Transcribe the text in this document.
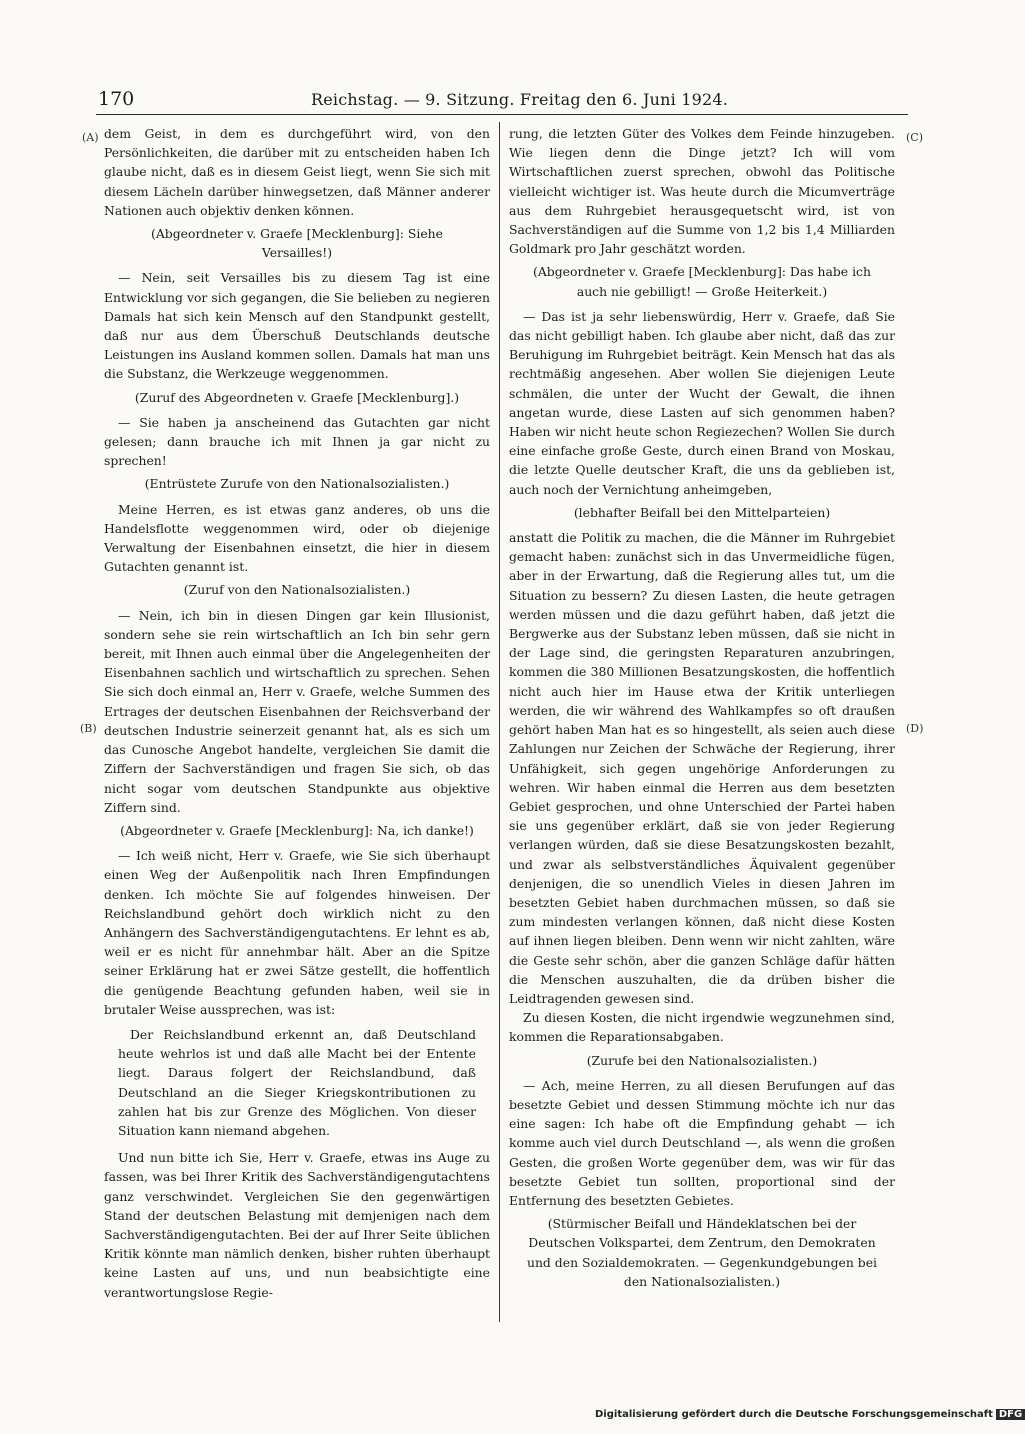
170	Reichstag. — 9. Sitzung. Freitag den 6. Juni 1924.
(A)
(B)
(C)
(D)

dem Geist, in dem es durchgeführt wird, von den Persönlichkeiten, die darüber mit zu entscheiden haben Ich glaube nicht, daß es in diesem Geist liegt, wenn Sie sich mit diesem Lächeln darüber hinwegsetzen, daß Männer anderer Nationen auch objektiv denken können.

(Abgeordneter v. Graefe [Mecklenburg]: Siehe Versailles!)

— Nein, seit Versailles bis zu diesem Tag ist eine Entwicklung vor sich gegangen, die Sie belieben zu negieren Damals hat sich kein Mensch auf den Standpunkt gestellt, daß nur aus dem Überschuß Deutschlands deutsche Leistungen ins Ausland kommen sollen. Damals hat man uns die Substanz, die Werkzeuge weggenommen.

(Zuruf des Abgeordneten v. Graefe [Mecklenburg].)

— Sie haben ja anscheinend das Gutachten gar nicht gelesen; dann brauche ich mit Ihnen ja gar nicht zu sprechen!

(Entrüstete Zurufe von den Nationalsozialisten.)

Meine Herren, es ist etwas ganz anderes, ob uns die Handelsflotte weggenommen wird, oder ob diejenige Verwaltung der Eisenbahnen einsetzt, die hier in diesem Gutachten genannt ist.

(Zuruf von den Nationalsozialisten.)

— Nein, ich bin in diesen Dingen gar kein Illusionist, sondern sehe sie rein wirtschaftlich an Ich bin sehr gern bereit, mit Ihnen auch einmal über die Angelegenheiten der Eisenbahnen sachlich und wirtschaftlich zu sprechen. Sehen Sie sich doch einmal an, Herr v. Graefe, welche Summen des Ertrages der deutschen Eisenbahnen der Reichsverband der deutschen Industrie seinerzeit genannt hat, als es sich um das Cunosche Angebot handelte, vergleichen Sie damit die Ziffern der Sachverständigen und fragen Sie sich, ob das nicht sogar vom deutschen Standpunkte aus objektive Ziffern sind.

(Abgeordneter v. Graefe [Mecklenburg]: Na, ich danke!)

— Ich weiß nicht, Herr v. Graefe, wie Sie sich überhaupt einen Weg der Außenpolitik nach Ihren Empfindungen denken. Ich möchte Sie auf folgendes hinweisen. Der Reichslandbund gehört doch wirklich nicht zu den Anhängern des Sachverständigengutachtens. Er lehnt es ab, weil er es nicht für annehmbar hält. Aber an die Spitze seiner Erklärung hat er zwei Sätze gestellt, die hoffentlich die genügende Beachtung gefunden haben, weil sie in brutaler Weise aussprechen, was ist:

Der Reichslandbund erkennt an, daß Deutschland heute wehrlos ist und daß alle Macht bei der Entente liegt. Daraus folgert der Reichslandbund, daß Deutschland an die Sieger Kriegskontributionen zu zahlen hat bis zur Grenze des Möglichen. Von dieser Situation kann niemand abgehen.

Und nun bitte ich Sie, Herr v. Graefe, etwas ins Auge zu fassen, was bei Ihrer Kritik des Sachverständigengutachtens ganz verschwindet. Vergleichen Sie den gegenwärtigen Stand der deutschen Belastung mit demjenigen nach dem Sachverständigengutachten. Bei der auf Ihrer Seite üblichen Kritik könnte man nämlich denken, bisher ruhten überhaupt keine Lasten auf uns, und nun beabsichtigte eine verantwortungslose Regie-

rung, die letzten Güter des Volkes dem Feinde hinzugeben. Wie liegen denn die Dinge jetzt? Ich will vom Wirtschaftlichen zuerst sprechen, obwohl das Politische vielleicht wichtiger ist. Was heute durch die Micumverträge aus dem Ruhrgebiet herausgequetscht wird, ist von Sachverständigen auf die Summe von 1,2 bis 1,4 Milliarden Goldmark pro Jahr geschätzt worden.

(Abgeordneter v. Graefe [Mecklenburg]: Das habe ich auch nie gebilligt! — Große Heiterkeit.)

— Das ist ja sehr liebenswürdig, Herr v. Graefe, daß Sie das nicht gebilligt haben. Ich glaube aber nicht, daß das zur Beruhigung im Ruhrgebiet beiträgt. Kein Mensch hat das als rechtmäßig angesehen. Aber wollen Sie diejenigen Leute schmälen, die unter der Wucht der Gewalt, die ihnen angetan wurde, diese Lasten auf sich genommen haben? Haben wir nicht heute schon Regiezechen? Wollen Sie durch eine einfache große Geste, durch einen Brand von Moskau, die letzte Quelle deutscher Kraft, die uns da geblieben ist, auch noch der Vernichtung anheimgeben,

(lebhafter Beifall bei den Mittelparteien)

anstatt die Politik zu machen, die die Männer im Ruhrgebiet gemacht haben: zunächst sich in das Unvermeidliche fügen, aber in der Erwartung, daß die Regierung alles tut, um die Situation zu bessern? Zu diesen Lasten, die heute getragen werden müssen und die dazu geführt haben, daß jetzt die Bergwerke aus der Substanz leben müssen, daß sie nicht in der Lage sind, die geringsten Reparaturen anzubringen, kommen die 380 Millionen Besatzungskosten, die hoffentlich nicht auch hier im Hause etwa der Kritik unterliegen werden, die wir während des Wahlkampfes so oft draußen gehört haben Man hat es so hingestellt, als seien auch diese Zahlungen nur Zeichen der Schwäche der Regierung, ihrer Unfähigkeit, sich gegen ungehörige Anforderungen zu wehren. Wir haben einmal die Herren aus dem besetzten Gebiet gesprochen, und ohne Unterschied der Partei haben sie uns gegenüber erklärt, daß sie von jeder Regierung verlangen würden, daß sie diese Besatzungskosten bezahlt, und zwar als selbstverständliches Äquivalent gegenüber denjenigen, die so unendlich Vieles in diesen Jahren im besetzten Gebiet haben durchmachen müssen, so daß sie zum mindesten verlangen können, daß nicht diese Kosten auf ihnen liegen bleiben. Denn wenn wir nicht zahlten, wäre die Geste sehr schön, aber die ganzen Schläge dafür hätten die Menschen auszuhalten, die da drüben bisher die Leidtragenden gewesen sind.

Zu diesen Kosten, die nicht irgendwie wegzunehmen sind, kommen die Reparationsabgaben.

(Zurufe bei den Nationalsozialisten.)

— Ach, meine Herren, zu all diesen Berufungen auf das besetzte Gebiet und dessen Stimmung möchte ich nur das eine sagen: Ich habe oft die Empfindung gehabt — ich komme auch viel durch Deutschland —, als wenn die großen Gesten, die großen Worte gegenüber dem, was wir für das besetzte Gebiet tun sollten, proportional sind der Entfernung des besetzten Gebietes.

(Stürmischer Beifall und Händeklatschen bei der Deutschen Volkspartei, dem Zentrum, den Demokraten und den Sozialdemokraten. — Gegenkundgebungen bei den Nationalsozialisten.)

Digitalisierung gefördert durch die Deutsche Forschungsgemeinschaft DFG
